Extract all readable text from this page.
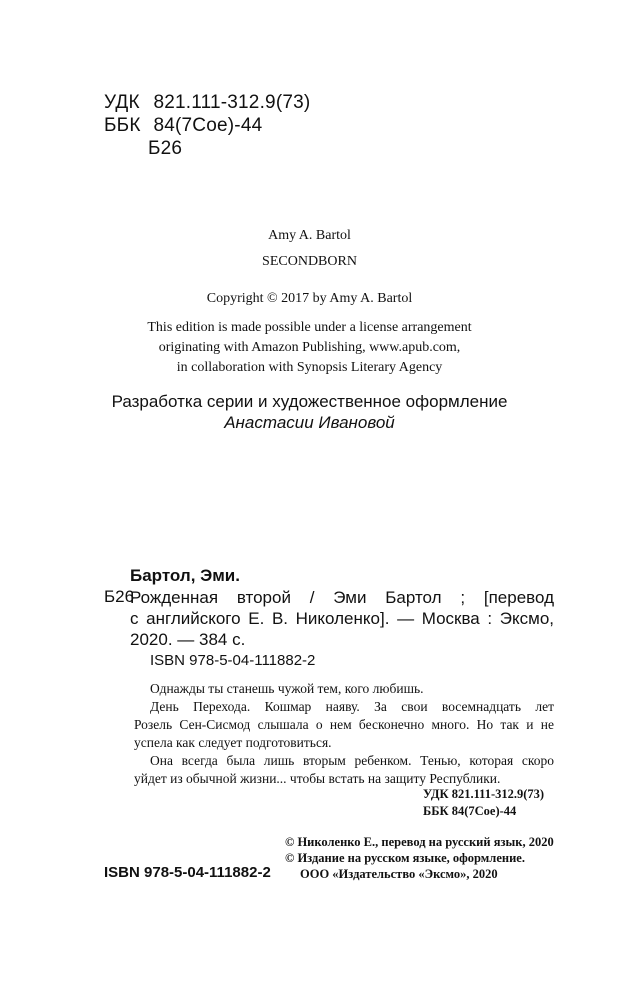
УДК 821.111-312.9(73)
ББК 84(7Сое)-44
Б26
Amy A. Bartol
SECONDBORN
Copyright © 2017 by Amy A. Bartol
This edition is made possible under a license arrangement
originating with Amazon Publishing, www.apub.com,
in collaboration with Synopsis Literary Agency
Разработка серии и художественное оформление
Анастасии Ивановой
Бартол, Эми.
Б26
Рожденная второй / Эми Бартол ; [перевод
с английского Е. В. Николенко]. — Москва : Эксмо,
2020. — 384 с.
ISBN 978-5-04-111882-2
Однажды ты станешь чужой тем, кого любишь.
День Перехода. Кошмар наяву. За свои восемнадцать лет
Розель Сен-Сисмод слышала о нем бесконечно много. Но так и не
успела как следует подготовиться.
Она всегда была лишь вторым ребенком. Тенью, которая скоро
уйдет из обычной жизни... чтобы встать на защиту Республики.
УДК 821.111-312.9(73)
ББК 84(7Сое)-44
© Николенко Е., перевод на русский язык, 2020
© Издание на русском языке, оформление.
ООО «Издательство «Эксмо», 2020
ISBN 978-5-04-111882-2
